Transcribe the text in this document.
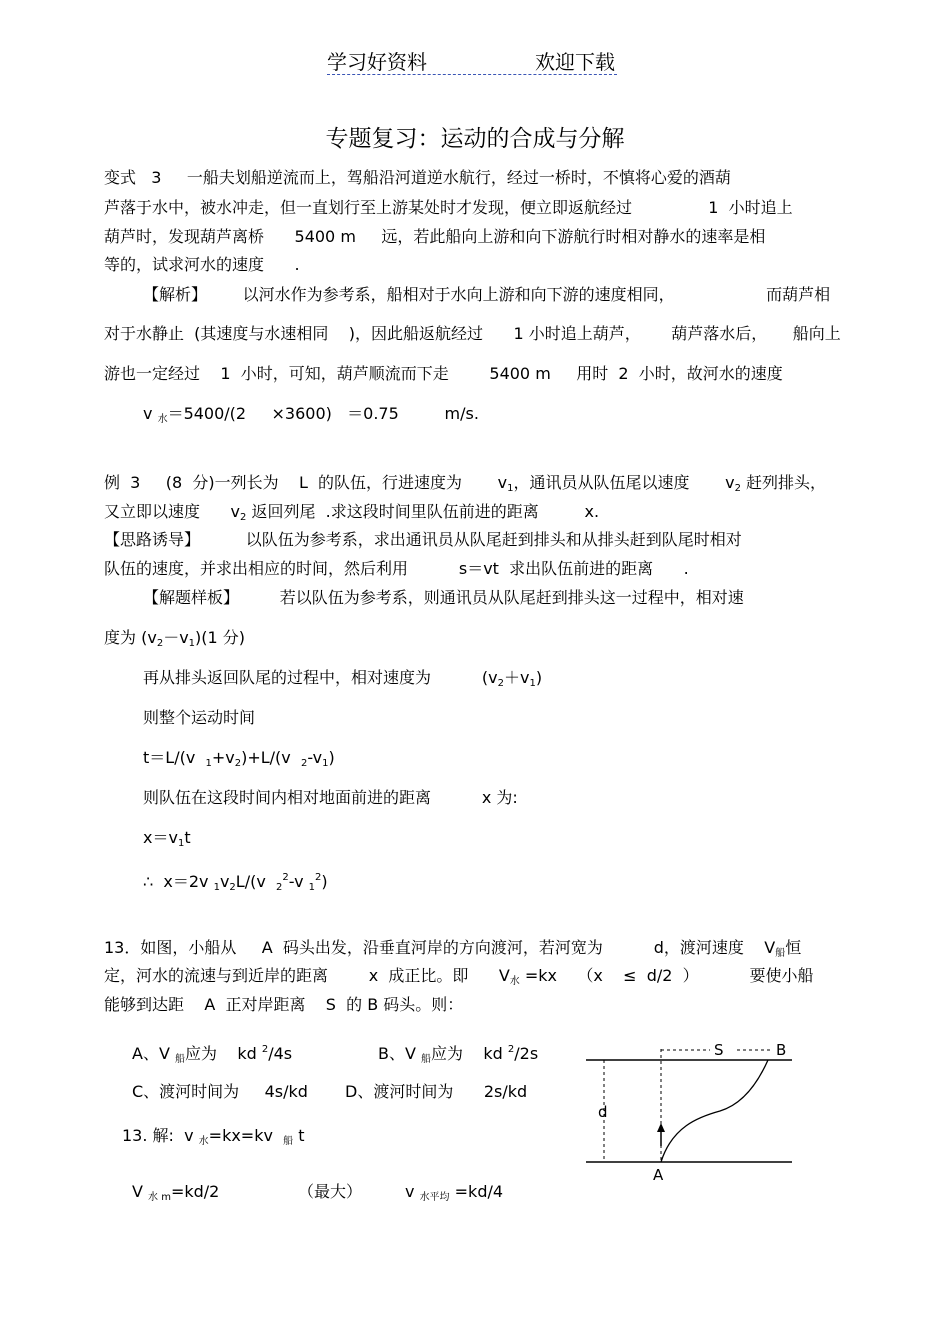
学习好资料	欢迎下载
专题复习：运动的合成与分解
变式   3     一船夫划船逆流而上，驾船沿河道逆水航行，经过一桥时，不慎将心爱的酒葫
芦落于水中，被水冲走，但一直划行至上游某处时才发现，便立即返航经过               1  小时追上
葫芦时，发现葫芦离桥      5400 m     远，若此船向上游和向下游航行时相对静水的速率是相
等的，试求河水的速度      .
【解析】       以河水作为参考系，船相对于水向上游和向下游的速度相同，                  而葫芦相
对于水静止  (其速度与水速相同    )，因此船返航经过      1 小时追上葫芦，      葫芦落水后，     船向上
游也一定经过    1  小时，可知，葫芦顺流而下走        5400 m     用时  2  小时，故河水的速度
v $_水$＝5400/(2     ×3600)   ＝0.75         m/s.
例  3     (8  分)一列长为    L  的队伍，行进速度为       $v_1$，通讯员从队伍尾以速度       $v_2$ 赶列排头，
又立即以速度      $v_2$ 返回列尾  .求这段时间里队伍前进的距离         x.
【思路诱导】         以队伍为参考系，求出通讯员从队尾赶到排头和从排头赶到队尾时相对
队伍的速度，并求出相应的时间，然后利用          s＝vt  求出队伍前进的距离      .
【解题样板】        若以队伍为参考系，则通讯员从队尾赶到排头这一过程中，相对速
度为 $(v_2-v_1)(1$ 分)
再从排头返回队尾的过程中，相对速度为          $(v_2+v_1)$
则整个运动时间
t＝L/(v  $_1+v_2)+L/(v$  $_2-v_1$)
则队伍在这段时间内相对地面前进的距离          x 为:
$x=v_1t$
∴  x＝2v $_1v_2L/(v$  $_2^2$-v $_1^2$)
13．如图，小船从     A  码头出发，沿垂直河岸的方向渡河，若河宽为          d，渡河速度    $V_船$恒
定，河水的流速与到近岸的距离        x  成正比。即      $V_水 =kx$    （x    ≤  d/2  ）          要使小船
能够到达距    A  正对岸距离    S  的 B 码头。则：
A、V $_船$应为    kd $^2$/4s	B、V $_船$应为    kd $^2$/2s
C、渡河时间为     4s/kd D、渡河时间为      2s/kd
13. 解:  v $_水$=kx=kv  $_船$ t
V $_{水 m}$=kd/2	（最大）	v $_{水平均}$ =kd/4
S	B
d
A
